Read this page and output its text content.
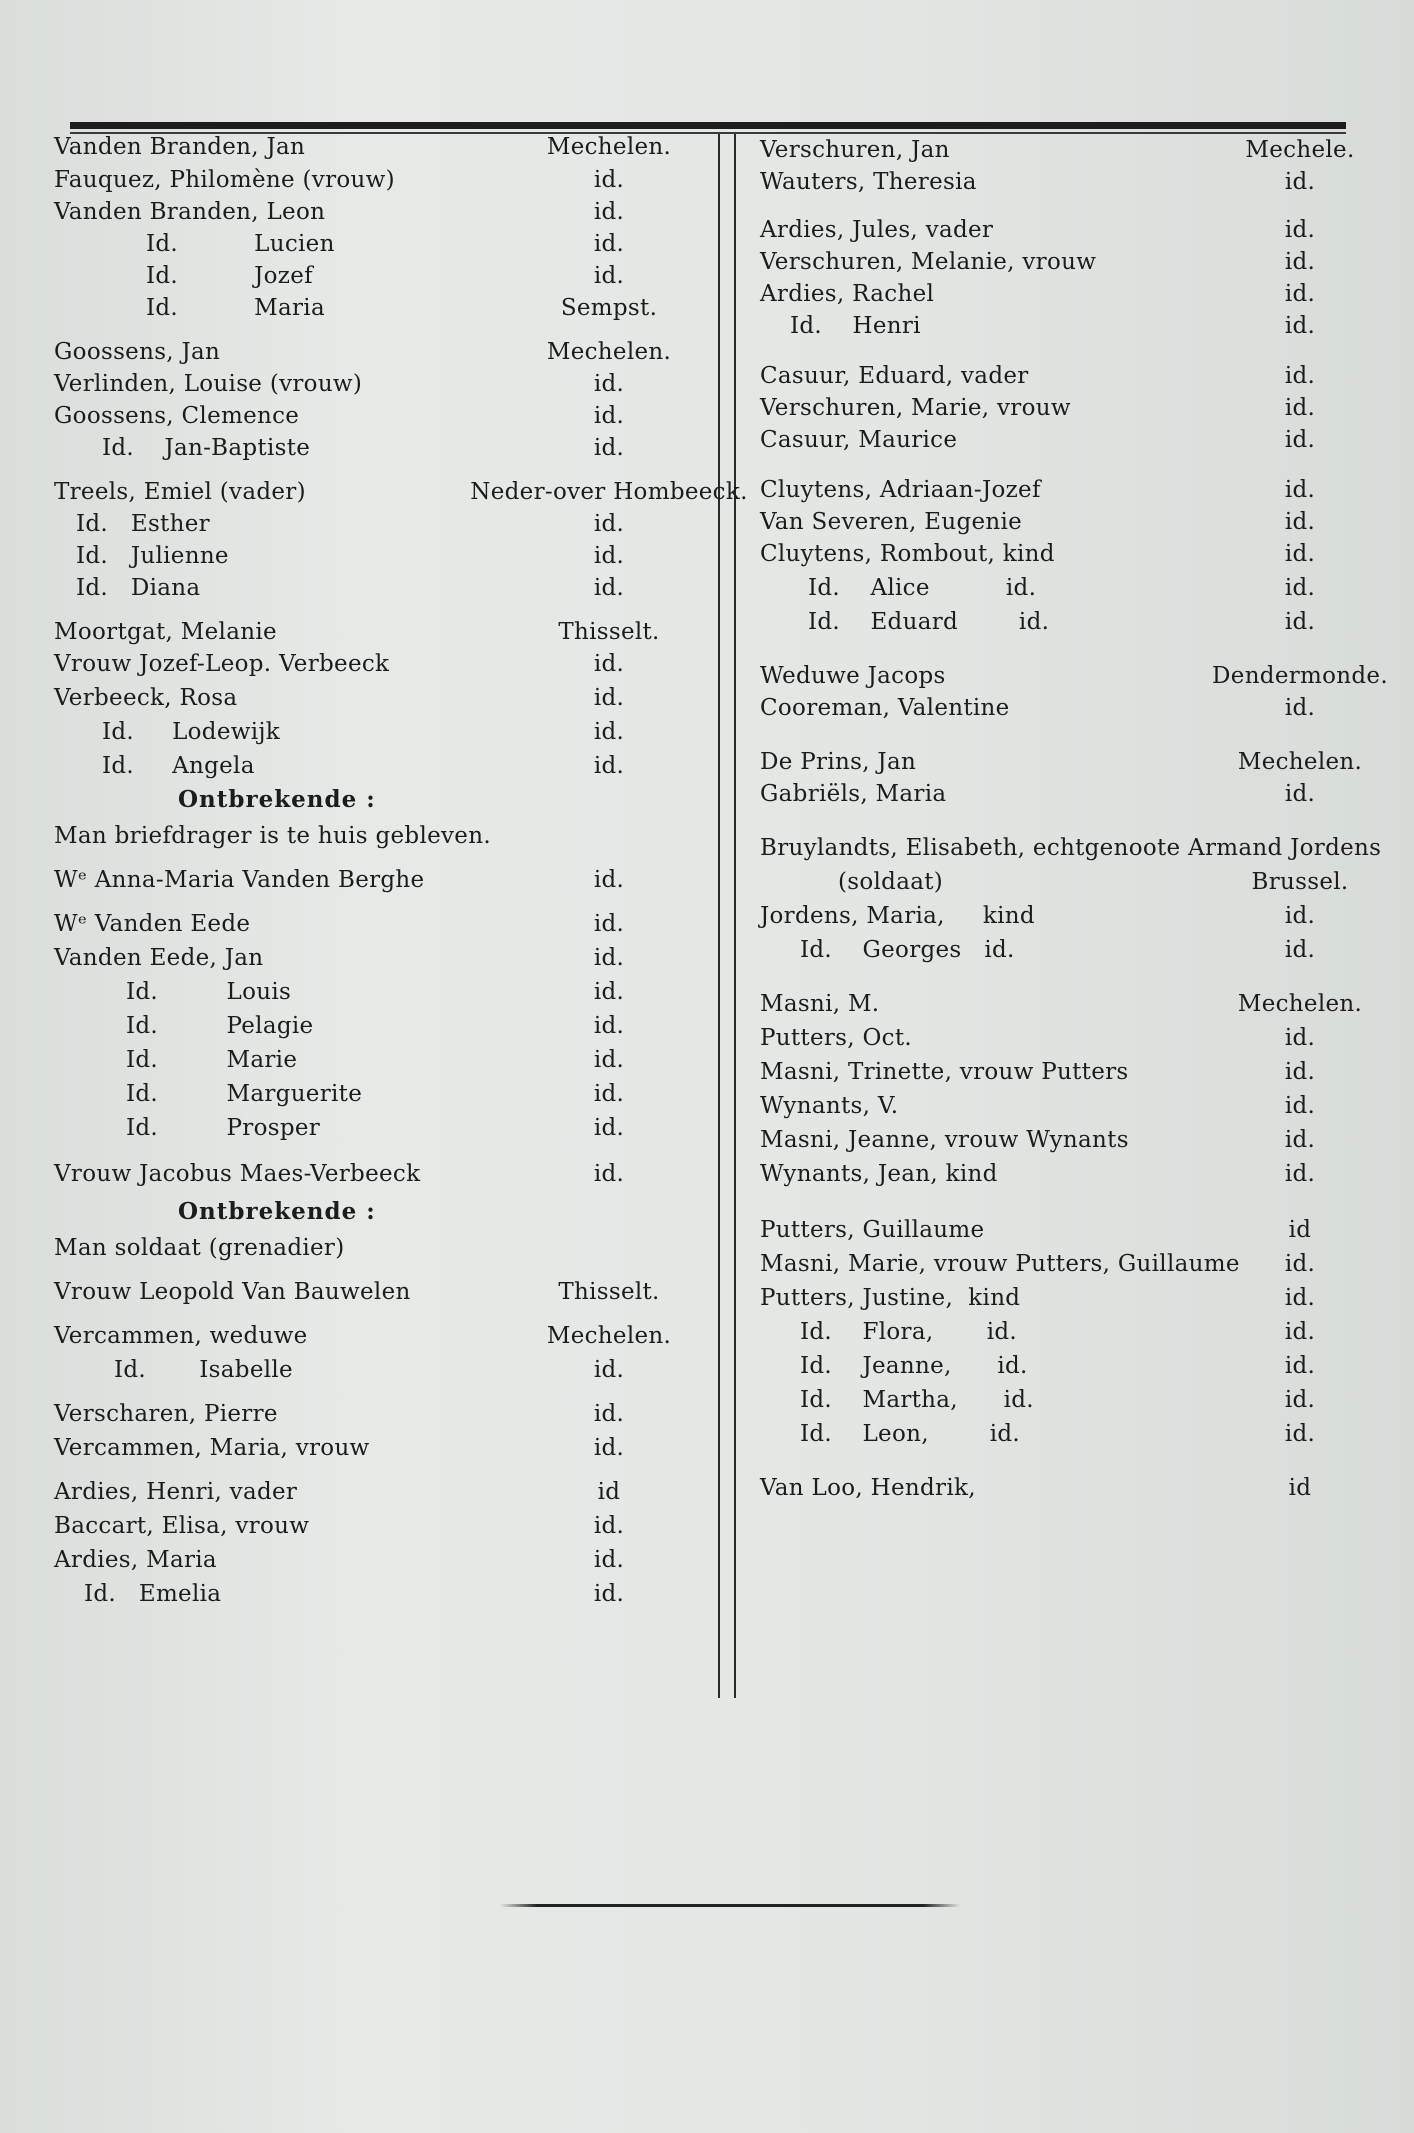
Vanden Branden, Jan	Mechelen.
Fauquez, Philomène (vrouw)	id.
Vanden Branden, Leon	id.
Id.          Lucien	id.
Id.          Jozef	id.
Id.          Maria	Sempst.
Goossens, Jan	Mechelen.
Verlinden, Louise (vrouw)	id.
Goossens, Clemence	id.
Id.    Jan-Baptiste	id.
Treels, Emiel (vader)	Neder-over Hombeeck.
Id.   Esther	id.
Id.   Julienne	id.
Id.   Diana	id.
Moortgat, Melanie	Thisselt.
Vrouw Jozef-Leop. Verbeeck	id.
Verbeeck, Rosa	id.
Id.     Lodewijk	id.
Id.     Angela	id.
Man briefdrager is te huis gebleven.
Wᵉ Anna-Maria Vanden Berghe	id.
Wᵉ Vanden Eede	id.
Vanden Eede, Jan	id.
Id.         Louis	id.
Id.         Pelagie	id.
Id.         Marie	id.
Id.         Marguerite	id.
Id.         Prosper	id.
Vrouw Jacobus Maes-Verbeeck	id.
Man soldaat (grenadier)
Vrouw Leopold Van Bauwelen	Thisselt.
Vercammen, weduwe	Mechelen.
Id.       Isabelle	id.
Verscharen, Pierre	id.
Vercammen, Maria, vrouw	id.
Ardies, Henri, vader	id
Baccart, Elisa, vrouw	id.
Ardies, Maria	id.
Id.   Emelia	id.
Ontbrekende :
Ontbrekende :
Verschuren, Jan	Mechele.
Wauters, Theresia	id.
Ardies, Jules, vader	id.
Verschuren, Melanie, vrouw	id.
Ardies, Rachel	id.
Id.    Henri	id.
Casuur, Eduard, vader	id.
Verschuren, Marie, vrouw	id.
Casuur, Maurice	id.
Cluytens, Adriaan-Jozef	id.
Van Severen, Eugenie	id.
Cluytens, Rombout, kind	id.
Id.    Alice          id.	id.
Id.    Eduard        id.	id.
Weduwe Jacops	Dendermonde.
Cooreman, Valentine	id.
De Prins, Jan	Mechelen.
Gabriëls, Maria	id.
Bruylandts, Elisabeth, echtgenoote Armand Jordens
(soldaat)	Brussel.
Jordens, Maria,     kind	id.
Id.    Georges   id.	id.
Masni, M.	Mechelen.
Putters, Oct.	id.
Masni, Trinette, vrouw Putters	id.
Wynants, V.	id.
Masni, Jeanne, vrouw Wynants	id.
Wynants, Jean, kind	id.
Putters, Guillaume	id
Masni, Marie, vrouw Putters, Guillaume id.
Putters, Justine,  kind	id.
Id.    Flora,       id.	id.
Id.    Jeanne,      id.	id.
Id.    Martha,      id.	id.
Id.    Leon,        id.	id.
Van Loo, Hendrik,	id
